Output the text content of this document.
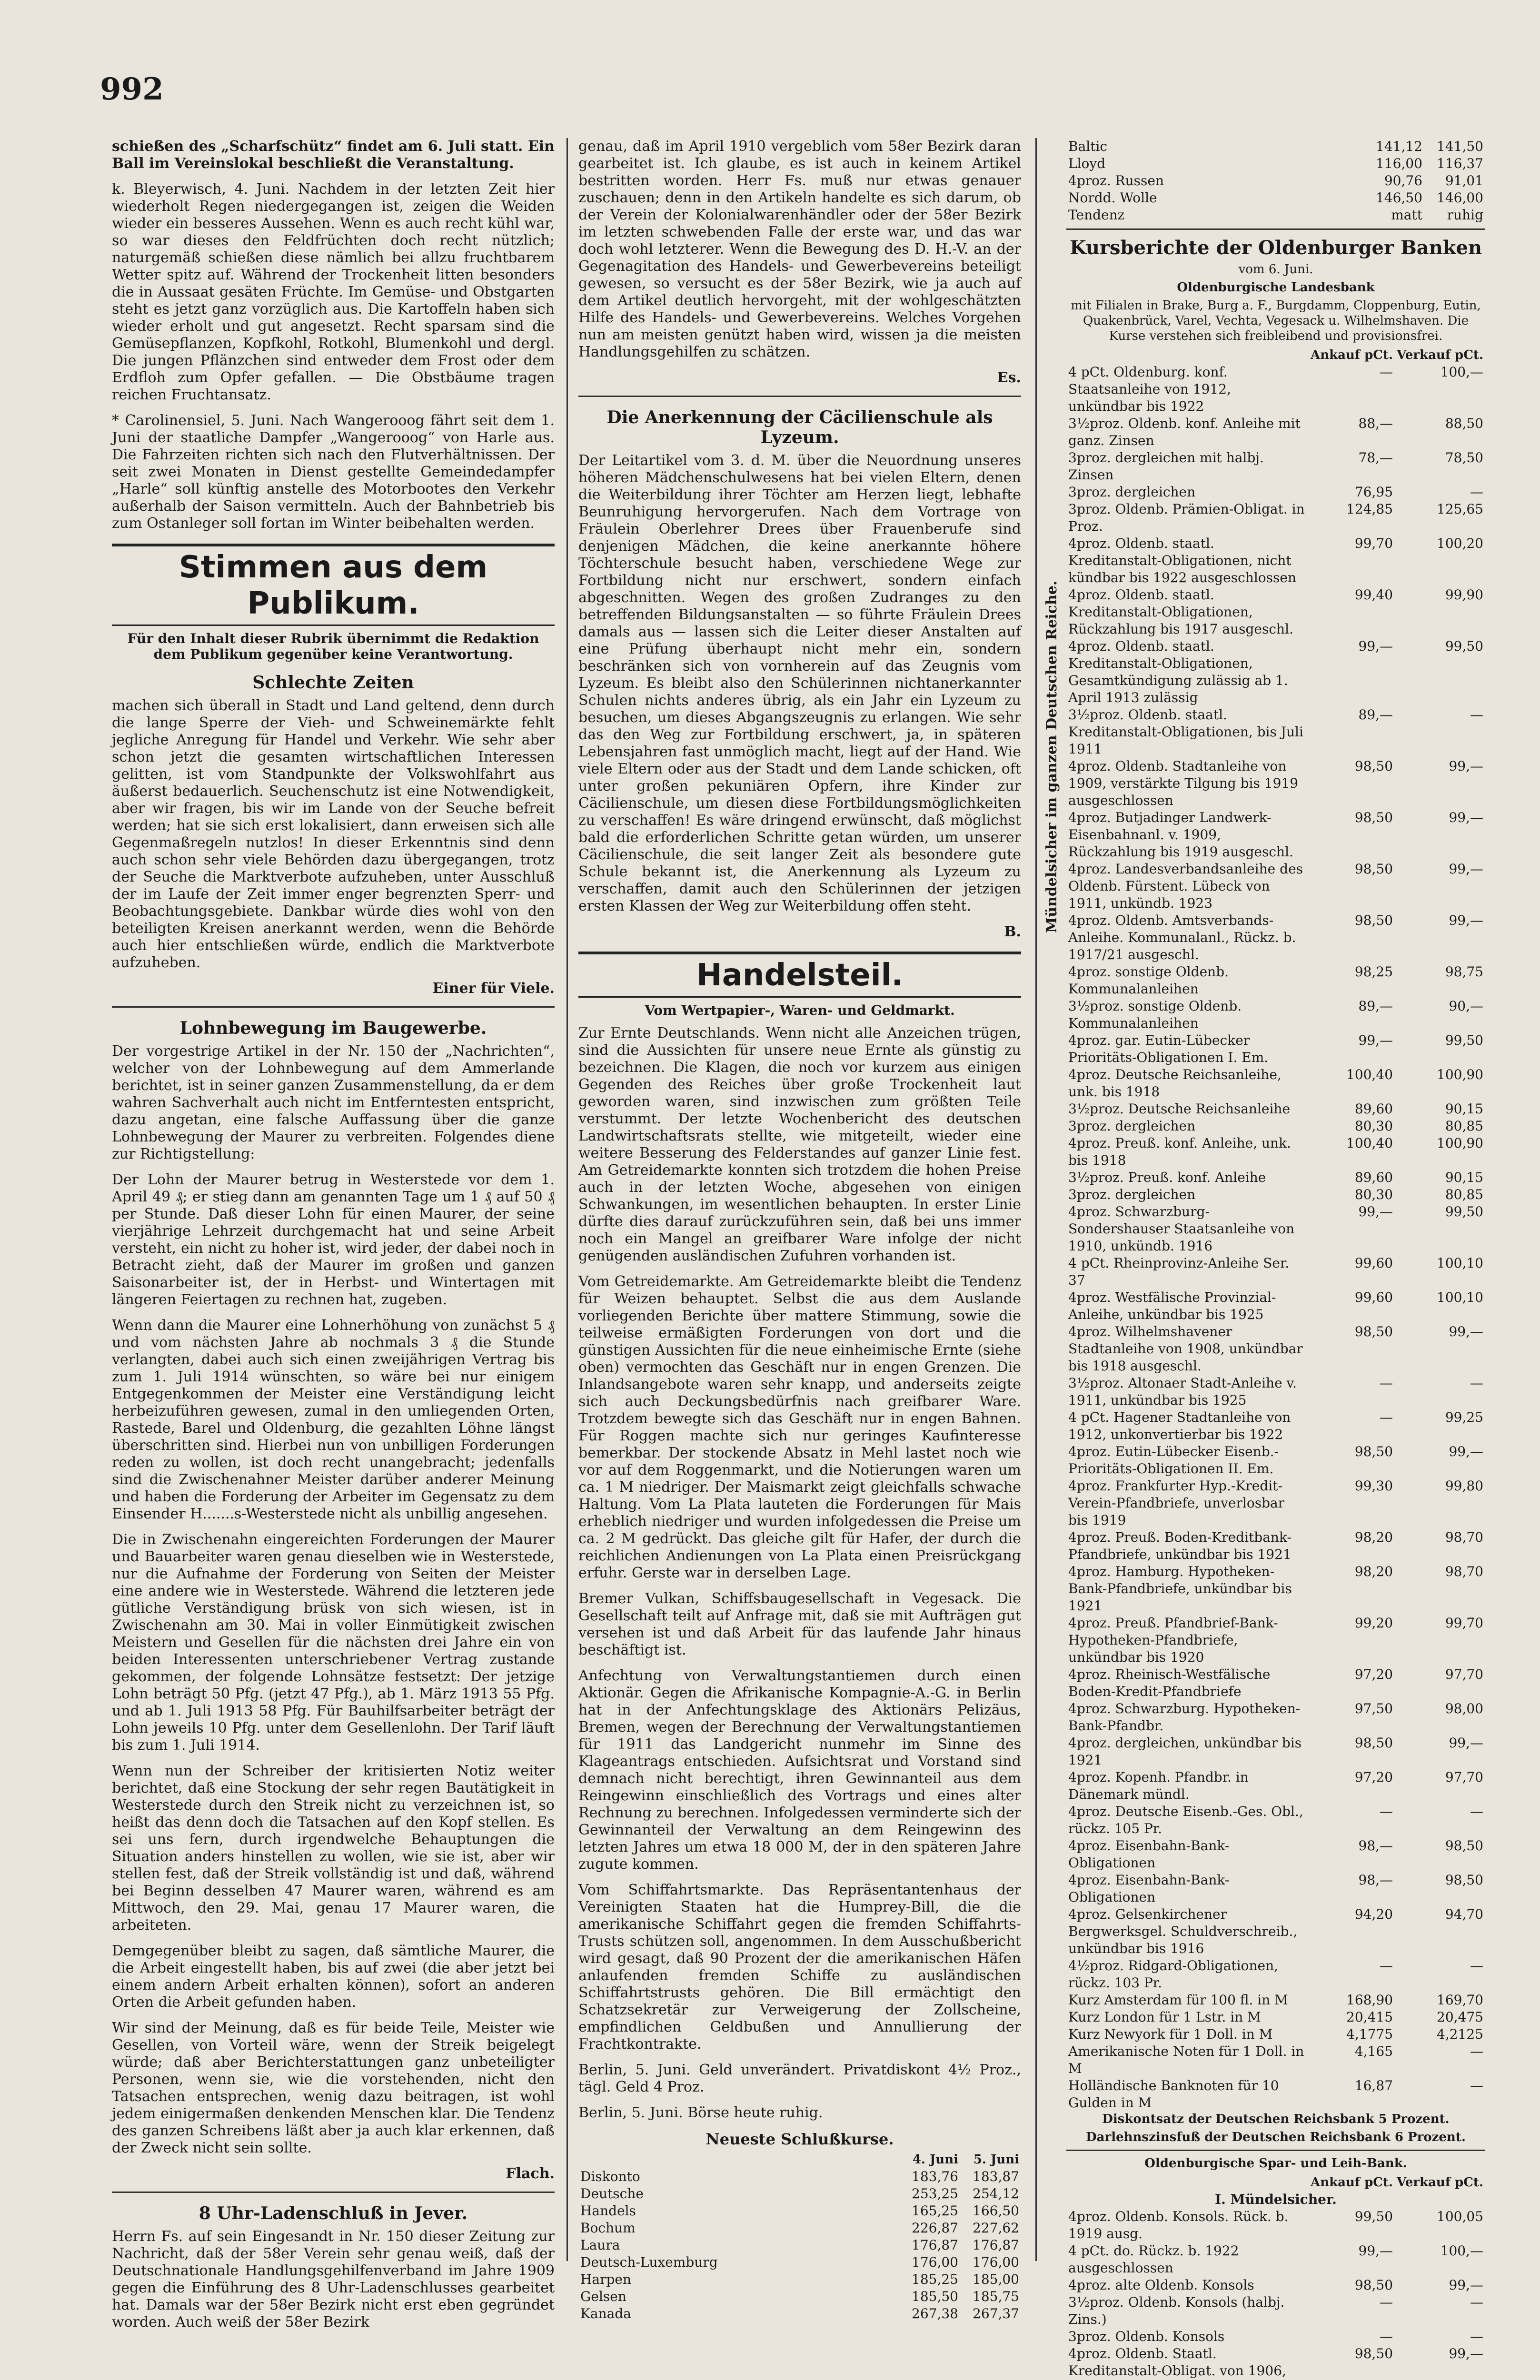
992

schießen des „Scharfschütz“ findet am 6. Juli statt. Ein Ball im Vereinslokal beschließt die Veranstaltung.

k. Bleyerwisch, 4. Juni. Nachdem in der letzten Zeit hier wiederholt Regen niedergegangen ist, zeigen die Weiden wieder ein besseres Aussehen. Wenn es auch recht kühl war, so war dieses den Feldfrüchten doch recht nützlich; naturgemäß schießen diese nämlich bei allzu fruchtbarem Wetter spitz auf. Während der Trockenheit litten besonders die in Aussaat gesäten Früchte. Im Gemüse- und Obstgarten steht es jetzt ganz vorzüglich aus. Die Kartoffeln haben sich wieder erholt und gut angesetzt. Recht sparsam sind die Gemüsepflanzen, Kopfkohl, Rotkohl, Blumenkohl und dergl. Die jungen Pflänzchen sind entweder dem Frost oder dem Erdfloh zum Opfer gefallen. — Die Obstbäume tragen reichen Fruchtansatz.

* Carolinensiel, 5. Juni. Nach Wangerooog fährt seit dem 1. Juni der staatliche Dampfer „Wangerooog“ von Harle aus. Die Fahrzeiten richten sich nach den Flutverhältnissen. Der seit zwei Monaten in Dienst gestellte Gemeindedampfer „Harle“ soll künftig anstelle des Motorbootes den Verkehr außerhalb der Saison vermitteln. Auch der Bahnbetrieb bis zum Ostanleger soll fortan im Winter beibehalten werden.

Stimmen aus dem Publikum.
Für den Inhalt dieser Rubrik übernimmt die Redaktion dem Publikum gegenüber keine Verantwortung.
Schlechte Zeiten

machen sich überall in Stadt und Land geltend, denn durch die lange Sperre der Vieh- und Schweinemärkte fehlt jegliche Anregung für Handel und Verkehr. Wie sehr aber schon jetzt die gesamten wirtschaftlichen Interessen gelitten, ist vom Standpunkte der Volkswohlfahrt aus äußerst bedauerlich. Seuchenschutz ist eine Notwendigkeit, aber wir fragen, bis wir im Lande von der Seuche befreit werden; hat sie sich erst lokalisiert, dann erweisen sich alle Gegenmaßregeln nutzlos! In dieser Erkenntnis sind denn auch schon sehr viele Behörden dazu übergegangen, trotz der Seuche die Marktverbote aufzuheben, unter Ausschluß der im Laufe der Zeit immer enger begrenzten Sperr- und Beobachtungsgebiete. Dankbar würde dies wohl von den beteiligten Kreisen anerkannt werden, wenn die Behörde auch hier entschließen würde, endlich die Marktverbote aufzuheben.

Einer für Viele.
Lohnbewegung im Baugewerbe.

Der vorgestrige Artikel in der Nr. 150 der „Nachrichten“, welcher von der Lohnbewegung auf dem Ammerlande berichtet, ist in seiner ganzen Zusammenstellung, da er dem wahren Sachverhalt auch nicht im Entferntesten entspricht, dazu angetan, eine falsche Auffassung über die ganze Lohnbewegung der Maurer zu verbreiten. Folgendes diene zur Richtigstellung:

Der Lohn der Maurer betrug in Westerstede vor dem 1. April 49 ₰; er stieg dann am genannten Tage um 1 ₰ auf 50 ₰ per Stunde. Daß dieser Lohn für einen Maurer, der seine vierjährige Lehrzeit durchgemacht hat und seine Arbeit versteht, ein nicht zu hoher ist, wird jeder, der dabei noch in Betracht zieht, daß der Maurer im großen und ganzen Saisonarbeiter ist, der in Herbst- und Wintertagen mit längeren Feiertagen zu rechnen hat, zugeben.

Wenn dann die Maurer eine Lohnerhöhung von zunächst 5 ₰ und vom nächsten Jahre ab nochmals 3 ₰ die Stunde verlangten, dabei auch sich einen zweijährigen Vertrag bis zum 1. Juli 1914 wünschten, so wäre bei nur einigem Entgegenkommen der Meister eine Verständigung leicht herbeizuführen gewesen, zumal in den umliegenden Orten, Rastede, Barel und Oldenburg, die gezahlten Löhne längst überschritten sind. Hierbei nun von unbilligen Forderungen reden zu wollen, ist doch recht unangebracht; jedenfalls sind die Zwischenahner Meister darüber anderer Meinung und haben die Forderung der Arbeiter im Gegensatz zu dem Einsender H.......s-Westerstede nicht als unbillig angesehen.

Die in Zwischenahn eingereichten Forderungen der Maurer und Bauarbeiter waren genau dieselben wie in Westerstede, nur die Aufnahme der Forderung von Seiten der Meister eine andere wie in Westerstede. Während die letzteren jede gütliche Verständigung brüsk von sich wiesen, ist in Zwischenahn am 30. Mai in voller Einmütigkeit zwischen Meistern und Gesellen für die nächsten drei Jahre ein von beiden Interessenten unterschriebener Vertrag zustande gekommen, der folgende Lohnsätze festsetzt: Der jetzige Lohn beträgt 50 Pfg. (jetzt 47 Pfg.), ab 1. März 1913 55 Pfg. und ab 1. Juli 1913 58 Pfg. Für Bauhilfsarbeiter beträgt der Lohn jeweils 10 Pfg. unter dem Gesellenlohn. Der Tarif läuft bis zum 1. Juli 1914.

Wenn nun der Schreiber der kritisierten Notiz weiter berichtet, daß eine Stockung der sehr regen Bautätigkeit in Westerstede durch den Streik nicht zu verzeichnen ist, so heißt das denn doch die Tatsachen auf den Kopf stellen. Es sei uns fern, durch irgendwelche Behauptungen die Situation anders hinstellen zu wollen, wie sie ist, aber wir stellen fest, daß der Streik vollständig ist und daß, während bei Beginn desselben 47 Maurer waren, während es am Mittwoch, den 29. Mai, genau 17 Maurer waren, die arbeiteten.

Demgegenüber bleibt zu sagen, daß sämtliche Maurer, die die Arbeit eingestellt haben, bis auf zwei (die aber jetzt bei einem andern Arbeit erhalten können), sofort an anderen Orten die Arbeit gefunden haben.

Wir sind der Meinung, daß es für beide Teile, Meister wie Gesellen, von Vorteil wäre, wenn der Streik beigelegt würde; daß aber Berichterstattungen ganz unbeteiligter Personen, wenn sie, wie die vorstehenden, nicht den Tatsachen entsprechen, wenig dazu beitragen, ist wohl jedem einigermaßen denkenden Menschen klar. Die Tendenz des ganzen Schreibens läßt aber ja auch klar erkennen, daß der Zweck nicht sein sollte.

Flach.
8 Uhr-Ladenschluß in Jever.

Herrn Fs. auf sein Eingesandt in Nr. 150 dieser Zeitung zur Nachricht, daß der 58er Verein sehr genau weiß, daß der Deutschnationale Handlungsgehilfenverband im Jahre 1909 gegen die Einführung des 8 Uhr-Ladenschlusses gearbeitet hat. Damals war der 58er Bezirk nicht erst eben gegründet worden. Auch weiß der 58er Bezirk

genau, daß im April 1910 vergeblich vom 58er Bezirk daran gearbeitet ist. Ich glaube, es ist auch in keinem Artikel bestritten worden. Herr Fs. muß nur etwas genauer zuschauen; denn in den Artikeln handelte es sich darum, ob der Verein der Kolonialwarenhändler oder der 58er Bezirk im letzten schwebenden Falle der erste war, und das war doch wohl letzterer. Wenn die Bewegung des D. H.-V. an der Gegenagitation des Handels- und Gewerbevereins beteiligt gewesen, so versucht es der 58er Bezirk, wie ja auch auf dem Artikel deutlich hervorgeht, mit der wohlgeschätzten Hilfe des Handels- und Gewerbevereins. Welches Vorgehen nun am meisten genützt haben wird, wissen ja die meisten Handlungsgehilfen zu schätzen.

Es.
Die Anerkennung der Cäcilienschule als Lyzeum.

Der Leitartikel vom 3. d. M. über die Neuordnung unseres höheren Mädchenschulwesens hat bei vielen Eltern, denen die Weiterbildung ihrer Töchter am Herzen liegt, lebhafte Beunruhigung hervorgerufen. Nach dem Vortrage von Fräulein Oberlehrer Drees über Frauenberufe sind denjenigen Mädchen, die keine anerkannte höhere Töchterschule besucht haben, verschiedene Wege zur Fortbildung nicht nur erschwert, sondern einfach abgeschnitten. Wegen des großen Zudranges zu den betreffenden Bildungsanstalten — so führte Fräulein Drees damals aus — lassen sich die Leiter dieser Anstalten auf eine Prüfung überhaupt nicht mehr ein, sondern beschränken sich von vornherein auf das Zeugnis vom Lyzeum. Es bleibt also den Schülerinnen nichtanerkannter Schulen nichts anderes übrig, als ein Jahr ein Lyzeum zu besuchen, um dieses Abgangszeugnis zu erlangen. Wie sehr das den Weg zur Fortbildung erschwert, ja, in späteren Lebensjahren fast unmöglich macht, liegt auf der Hand. Wie viele Eltern oder aus der Stadt und dem Lande schicken, oft unter großen pekuniären Opfern, ihre Kinder zur Cäcilienschule, um diesen diese Fortbildungsmöglichkeiten zu verschaffen! Es wäre dringend erwünscht, daß möglichst bald die erforderlichen Schritte getan würden, um unserer Cäcilienschule, die seit langer Zeit als besondere gute Schule bekannt ist, die Anerkennung als Lyzeum zu verschaffen, damit auch den Schülerinnen der jetzigen ersten Klassen der Weg zur Weiterbildung offen steht.

B.
Handelsteil.
Vom Wertpapier-, Waren- und Geldmarkt.

Zur Ernte Deutschlands. Wenn nicht alle Anzeichen trügen, sind die Aussichten für unsere neue Ernte als günstig zu bezeichnen. Die Klagen, die noch vor kurzem aus einigen Gegenden des Reiches über große Trockenheit laut geworden waren, sind inzwischen zum größten Teile verstummt. Der letzte Wochenbericht des deutschen Landwirtschaftsrats stellte, wie mitgeteilt, wieder eine weitere Besserung des Felderstandes auf ganzer Linie fest. Am Getreidemarkte konnten sich trotzdem die hohen Preise auch in der letzten Woche, abgesehen von einigen Schwankungen, im wesentlichen behaupten. In erster Linie dürfte dies darauf zurückzuführen sein, daß bei uns immer noch ein Mangel an greifbarer Ware infolge der nicht genügenden ausländischen Zufuhren vorhanden ist.

Vom Getreidemarkte. Am Getreidemarkte bleibt die Tendenz für Weizen behauptet. Selbst die aus dem Auslande vorliegenden Berichte über mattere Stimmung, sowie die teilweise ermäßigten Forderungen von dort und die günstigen Aussichten für die neue einheimische Ernte (siehe oben) vermochten das Geschäft nur in engen Grenzen. Die Inlandsangebote waren sehr knapp, und anderseits zeigte sich auch Deckungsbedürfnis nach greifbarer Ware. Trotzdem bewegte sich das Geschäft nur in engen Bahnen. Für Roggen machte sich nur geringes Kaufinteresse bemerkbar. Der stockende Absatz in Mehl lastet noch wie vor auf dem Roggenmarkt, und die Notierungen waren um ca. 1 M niedriger. Der Maismarkt zeigt gleichfalls schwache Haltung. Vom La Plata lauteten die Forderungen für Mais erheblich niedriger und wurden infolgedessen die Preise um ca. 2 M gedrückt. Das gleiche gilt für Hafer, der durch die reichlichen Andienungen von La Plata einen Preisrückgang erfuhr. Gerste war in derselben Lage.

Bremer Vulkan, Schiffsbaugesellschaft in Vegesack. Die Gesellschaft teilt auf Anfrage mit, daß sie mit Aufträgen gut versehen ist und daß Arbeit für das laufende Jahr hinaus beschäftigt ist.

Anfechtung von Verwaltungstantiemen durch einen Aktionär. Gegen die Afrikanische Kompagnie-A.-G. in Berlin hat in der Anfechtungsklage des Aktionärs Pelizäus, Bremen, wegen der Berechnung der Verwaltungstantiemen für 1911 das Landgericht nunmehr im Sinne des Klageantrags entschieden. Aufsichtsrat und Vorstand sind demnach nicht berechtigt, ihren Gewinnanteil aus dem Reingewinn einschließlich des Vortrags und eines alter Rechnung zu berechnen. Infolgedessen verminderte sich der Gewinnanteil der Verwaltung an dem Reingewinn des letzten Jahres um etwa 18 000 M, der in den späteren Jahre zugute kommen.

Vom Schiffahrtsmarkte. Das Repräsentantenhaus der Vereinigten Staaten hat die Humprey-Bill, die die amerikanische Schiffahrt gegen die fremden Schiffahrts-Trusts schützen soll, angenommen. In dem Ausschußbericht wird gesagt, daß 90 Prozent der die amerikanischen Häfen anlaufenden fremden Schiffe zu ausländischen Schiffahrtstrusts gehören. Die Bill ermächtigt den Schatzsekretär zur Verweigerung der Zollscheine, empfindlichen Geldbußen und Annullierung der Frachtkontrakte.

Berlin, 5. Juni. Geld unverändert. Privatdiskont 4½ Proz., tägl. Geld 4 Proz.

Berlin, 5. Juni. Börse heute ruhig.

Neueste Schlußkurse.
	4. Juni	5. Juni
Diskonto	183,76	183,87
Deutsche	253,25	254,12
Handels	165,25	166,50
Bochum	226,87	227,62
Laura	176,87	176,87
Deutsch-Luxemburg	176,00	176,00
Harpen	185,25	185,00
Gelsen	185,50	185,75
Kanada	267,38	267,37
Mündelsicher im ganzen Deutschen Reiche.
Baltic	141,12	141,50
Lloyd	116,00	116,37
4proz. Russen	90,76	91,01
Nordd. Wolle	146,50	146,00
Tendenz	matt	ruhig
Kursberichte der Oldenburger Banken
vom 6. Juni.
Oldenburgische Landesbank
mit Filialen in Brake, Burg a. F., Burgdamm, Cloppenburg, Eutin, Quakenbrück, Varel, Vechta, Vegesack u. Wilhelmshaven. Die Kurse verstehen sich freibleibend und provisionsfrei.
	Ankauf pCt.	Verkauf pCt.
4 pCt. Oldenburg. konf. Staatsanleihe von 1912, unkündbar bis 1922	—	100,—
3½proz. Oldenb. konf. Anleihe mit ganz. Zinsen	88,—	88,50
3proz. dergleichen mit halbj. Zinsen	78,—	78,50
3proz. dergleichen	76,95	—
3proz. Oldenb. Prämien-Obligat. in Proz.	124,85	125,65
4proz. Oldenb. staatl. Kreditanstalt-Obligationen, nicht kündbar bis 1922 ausgeschlossen	99,70	100,20
4proz. Oldenb. staatl. Kreditanstalt-Obligationen, Rückzahlung bis 1917 ausgeschl.	99,40	99,90
4proz. Oldenb. staatl. Kreditanstalt-Obligationen, Gesamtkündigung zulässig ab 1. April 1913 zulässig	99,—	99,50
3½proz. Oldenb. staatl. Kreditanstalt-Obligationen, bis Juli 1911	89,—	—
4proz. Oldenb. Stadtanleihe von 1909, verstärkte Tilgung bis 1919 ausgeschlossen	98,50	99,—
4proz. Butjadinger Landwerk-Eisenbahnanl. v. 1909, Rückzahlung bis 1919 ausgeschl.	98,50	99,—
4proz. Landesverbandsanleihe des Oldenb. Fürstent. Lübeck von 1911, unkündb. 1923	98,50	99,—
4proz. Oldenb. Amtsverbands-Anleihe. Kommunalanl., Rückz. b. 1917/21 ausgeschl.	98,50	99,—
4proz. sonstige Oldenb. Kommunalanleihen	98,25	98,75
3½proz. sonstige Oldenb. Kommunalanleihen	89,—	90,—
4proz. gar. Eutin-Lübecker Prioritäts-Obligationen I. Em.	99,—	99,50
4proz. Deutsche Reichsanleihe, unk. bis 1918	100,40	100,90
3½proz. Deutsche Reichsanleihe	89,60	90,15
3proz. dergleichen	80,30	80,85
4proz. Preuß. konf. Anleihe, unk. bis 1918	100,40	100,90
3½proz. Preuß. konf. Anleihe	89,60	90,15
3proz. dergleichen	80,30	80,85
4proz. Schwarzburg-Sondershauser Staatsanleihe von 1910, unkündb. 1916	99,—	99,50
4 pCt. Rheinprovinz-Anleihe Ser. 37	99,60	100,10
4proz. Westfälische Provinzial-Anleihe, unkündbar bis 1925	99,60	100,10
4proz. Wilhelmshavener Stadtanleihe von 1908, unkündbar bis 1918 ausgeschl.	98,50	99,—
3½proz. Altonaer Stadt-Anleihe v. 1911, unkündbar bis 1925	—	—
4 pCt. Hagener Stadtanleihe von 1912, unkonvertierbar bis 1922	—	99,25
4proz. Eutin-Lübecker Eisenb.-Prioritäts-Obligationen II. Em.	98,50	99,—
4proz. Frankfurter Hyp.-Kredit-Verein-Pfandbriefe, unverlosbar bis 1919	99,30	99,80
4proz. Preuß. Boden-Kreditbank-Pfandbriefe, unkündbar bis 1921	98,20	98,70
4proz. Hamburg. Hypotheken-Bank-Pfandbriefe, unkündbar bis 1921	98,20	98,70
4proz. Preuß. Pfandbrief-Bank-Hypotheken-Pfandbriefe, unkündbar bis 1920	99,20	99,70
4proz. Rheinisch-Westfälische Boden-Kredit-Pfandbriefe	97,20	97,70
4proz. Schwarzburg. Hypotheken-Bank-Pfandbr.	97,50	98,00
4proz. dergleichen, unkündbar bis 1921	98,50	99,—
4proz. Kopenh. Pfandbr. in Dänemark mündl.	97,20	97,70
4proz. Deutsche Eisenb.-Ges. Obl., rückz. 105 Pr.	—	—
4proz. Eisenbahn-Bank-Obligationen	98,—	98,50
4proz. Eisenbahn-Bank-Obligationen	98,—	98,50
4proz. Gelsenkirchener Bergwerksgel. Schuldverschreib., unkündbar bis 1916	94,20	94,70
4½proz. Ridgard-Obligationen, rückz. 103 Pr.	—	—
Kurz Amsterdam für 100 fl. in M	168,90	169,70
Kurz London für 1 Lstr. in M	20,415	20,475
Kurz Newyork für 1 Doll. in M	4,1775	4,2125
Amerikanische Noten für 1 Doll. in M	4,165	—
Holländische Banknoten für 10 Gulden in M	16,87	—
Diskontsatz der Deutschen Reichsbank 5 Prozent.
Darlehnszinsfuß der Deutschen Reichsbank 6 Prozent.
Oldenburgische Spar- und Leih-Bank.
	Ankauf pCt.	Verkauf pCt.
I. Mündelsicher.		
4proz. Oldenb. Konsols. Rück. b. 1919 ausg.	99,50	100,05
4 pCt. do. Rückz. b. 1922 ausgeschlossen	99,—	100,—
4proz. alte Oldenb. Konsols	98,50	99,—
3½proz. Oldenb. Konsols (halbj. Zins.)	—	—
3proz. Oldenb. Konsols	—	—
4proz. Oldenb. Staatl. Kreditanstalt-Obligat. von 1906,	98,50	99,—
